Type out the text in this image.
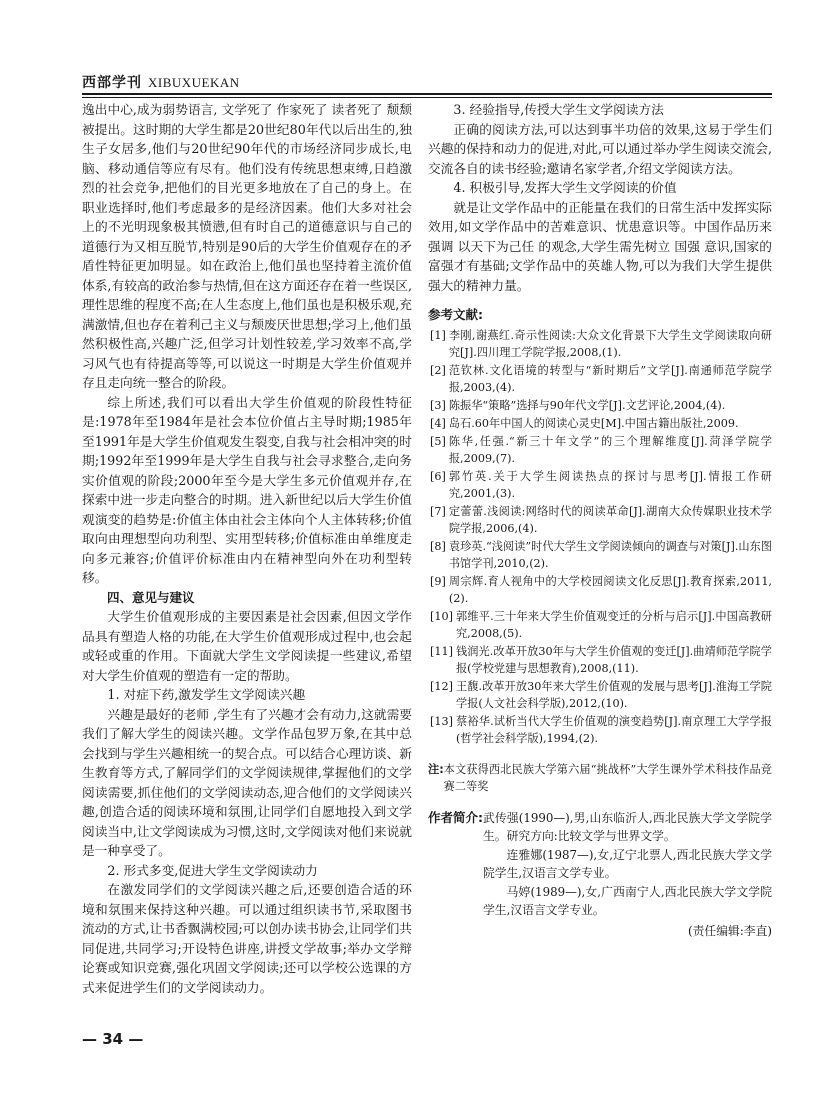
西部学刊 XIBUXUEKAN

逸出中心,成为弱势语言, 文学死了 作家死了 读者死了 颓颓被提出。这时期的大学生都是20世纪80年代以后出生的,独生子女居多,他们与20世纪90年代的市场经济同步成长,电脑、移动通信等应有尽有。他们没有传统思想束缚,日趋激烈的社会竞争,把他们的目光更多地放在了自己的身上。在职业选择时,他们考虑最多的是经济因素。他们大多对社会上的不光明现象极其愤懑,但有时自己的道德意识与自己的道德行为又相互脱节,特别是90后的大学生价值观存在的矛盾性特征更加明显。如在政治上,他们虽也坚持着主流价值体系,有较高的政治参与热情,但在这方面还存在着一些误区,理性思维的程度不高;在人生态度上,他们虽也是积极乐观,充满激情,但也存在着利己主义与颓废厌世思想;学习上,他们虽然积极性高,兴趣广泛,但学习计划性较差,学习效率不高,学习风气也有待提高等等,可以说这一时期是大学生价值观并存且走向统一整合的阶段。

综上所述,我们可以看出大学生价值观的阶段性特征是:1978年至1984年是社会本位价值占主导时期;1985年至1991年是大学生价值观发生裂变,自我与社会相冲突的时期;1992年至1999年是大学生自我与社会寻求整合,走向务实价值观的阶段;2000年至今是大学生多元价值观并存,在探索中进一步走向整合的时期。进入新世纪以后大学生价值观演变的趋势是:价值主体由社会主体向个人主体转移;价值取向由理想型向功利型、实用型转移;价值标准由单维度走向多元兼容;价值评价标准由内在精神型向外在功利型转移。

四、意见与建议

大学生价值观形成的主要因素是社会因素,但因文学作品具有塑造人格的功能,在大学生价值观形成过程中,也会起或轻或重的作用。下面就大学生文学阅读提一些建议,希望对大学生价值观的塑造有一定的帮助。

1. 对症下药,激发学生文学阅读兴趣

兴趣是最好的老师 ,学生有了兴趣才会有动力,这就需要我们了解大学生的阅读兴趣。文学作品包罗万象,在其中总会找到与学生兴趣相统一的契合点。可以结合心理访谈、新生教育等方式,了解同学们的文学阅读规律,掌握他们的文学阅读需要,抓住他们的文学阅读动态,迎合他们的文学阅读兴趣,创造合适的阅读环境和氛围,让同学们自愿地投入到文学阅读当中,让文学阅读成为习惯,这时,文学阅读对他们来说就是一种享受了。

2. 形式多变,促进大学生文学阅读动力

在激发同学们的文学阅读兴趣之后,还要创造合适的环境和氛围来保持这种兴趣。可以通过组织读书节,采取图书流动的方式,让书香飘满校园;可以创办读书协会,让同学们共同促进,共同学习;开设特色讲座,讲授文学故事;举办文学辩论赛或知识竞赛,强化巩固文学阅读;还可以学校公选课的方式来促进学生们的文学阅读动力。

3. 经验指导,传授大学生文学阅读方法

正确的阅读方法,可以达到事半功倍的效果,这易于学生们兴趣的保持和动力的促进,对此,可以通过举办学生阅读交流会,交流各自的读书经验;邀请名家学者,介绍文学阅读方法。

4. 积极引导,发挥大学生文学阅读的价值

就是让文学作品中的正能量在我们的日常生活中发挥实际效用,如文学作品中的苦难意识、忧患意识等。中国作品历来强调 以天下为己任 的观念,大学生需先树立 国强 意识,国家的富强才有基础;文学作品中的英雄人物,可以为我们大学生提供强大的精神力量。

参考文献:
[1] 李刚,谢燕红.奇示性阅读:大众文化背景下大学生文学阅读取向研究[J].四川理工学院学报,2008,(1).
[2] 范钦林.文化语境的转型与“新时期后”文学[J].南通师范学院学报,2003,(4).
[3] 陈振华“策略”选择与90年代文学[J].文艺评论,2004,(4).
[4] 岛石.60年中国人的阅读心灵史[M].中国古籍出版社,2009.
[5] 陈华,任强.“新三十年文学”的三个理解维度[J].菏泽学院学报,2009,(7).
[6] 郭竹英.关于大学生阅读热点的探讨与思考[J].情报工作研究,2001,(3).
[7] 定蕾蕾.浅阅读:网络时代的阅读革命[J].湖南大众传媒职业技术学院学报,2006,(4).
[8] 袁珍英.“浅阅读”时代大学生文学阅读倾向的调查与对策[J].山东图书馆学刊,2010,(2).
[9] 周宗辉.育人视角中的大学校园阅读文化反思[J].教育探索,2011,(2).
[10] 郭维平.三十年来大学生价值观变迁的分析与启示[J].中国高教研究,2008,(5).
[11] 钱润光.改革开放30年与大学生价值观的变迁[J].曲靖师范学院学报(学校党建与思想教育),2008,(11).
[12] 王馥.改革开放30年来大学生价值观的发展与思考[J].淮海工学院学报(人文社会科学版),2012,(10).
[13] 蔡裕华.试析当代大学生价值观的演变趋势[J].南京理工大学学报(哲学社会科学版),1994,(2).
注: 本文获得西北民族大学第六届“挑战杯”大学生课外学术科技作品竞赛二等奖
作者简介: 武传强(1990—),男,山东临沂人,西北民族大学文学院学生。研究方向:比较文学与世界文学。

连雅娜(1987—),女,辽宁北票人,西北民族大学文学院学生,汉语言文学专业。

马婷(1989—),女,广西南宁人,西北民族大学文学院学生,汉语言文学专业。

(责任编辑:李直)
— 34 —
